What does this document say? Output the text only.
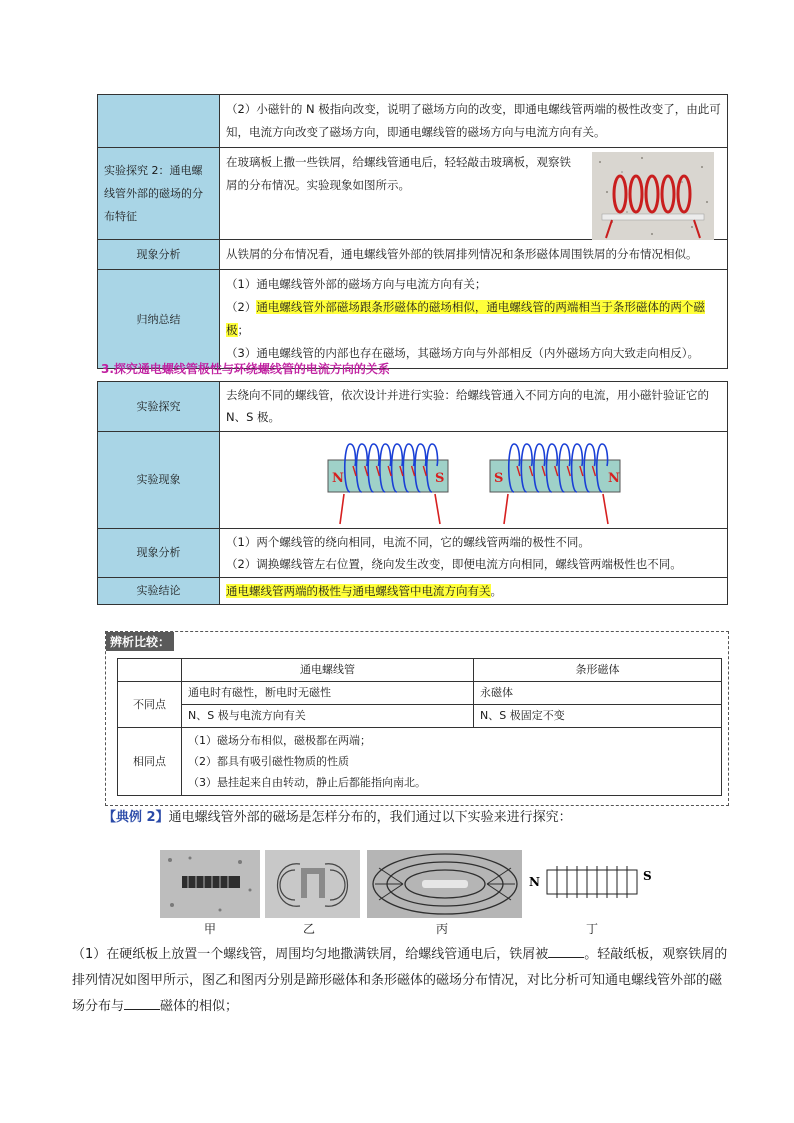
	（2）小磁针的 N 极指向改变，说明了磁场方向的改变，即通电螺线管两端的极性改变了，由此可知，电流方向改变了磁场方向，即通电螺线管的磁场方向与电流方向有关。
实验探究 2：通电螺线管外部的磁场的分布特征	在玻璃板上撒一些铁屑，给螺线管通电后，轻轻敲击玻璃板，观察铁屑的分布情况。实验现象如图所示。

现象分析	从铁屑的分布情况看，通电螺线管外部的铁屑排列情况和条形磁体周围铁屑的分布情况相似。
归纳总结	（1）通电螺线管外部的磁场方向与电流方向有关；
（2）通电螺线管外部磁场跟条形磁体的磁场相似，通电螺线管的两端相当于条形磁体的两个磁极；
（3）通电螺线管的内部也存在磁场，其磁场方向与外部相反（内外磁场方向大致走向相反）。
3.探究通电螺线管极性与环绕螺线管的电流方向的关系
实验探究	去绕向不同的螺线管，依次设计并进行实验：给螺线管通入不同方向的电流，用小磁针验证它的 N、S 极。
实验现象	N S S N

现象分析	（1）两个螺线管的绕向相同，电流不同，它的螺线管两端的极性不同。
（2）调换螺线管左右位置，绕向发生改变，即便电流方向相同，螺线管两端极性也不同。

实验结论	通电螺线管两端的极性与通电螺线管中电流方向有关。
辨析比较：
	通电螺线管	条形磁体
不同点	通电时有磁性，断电时无磁性	永磁体
	N、S 极与电流方向有关	N、S 极固定不变
相同点	（1）磁场分布相似，磁极都在两端；
（2）都具有吸引磁性物质的性质
（3）悬挂起来自由转动，静止后都能指向南北。	
【典例 2】通电螺线管外部的磁场是怎样分布的，我们通过以下实验来进行探究：
甲	乙	丙
N	S
丁
（1）在硬纸板上放置一个螺线管，周围均匀地撒满铁屑，给螺线管通电后，铁屑被	。轻敲纸板，观察铁屑的排列情况如图甲所示，图乙和图丙分别是蹄形磁体和条形磁体的磁场分布情况，对比分析可知通电螺线管外部的磁场分布与	磁体的相似；
